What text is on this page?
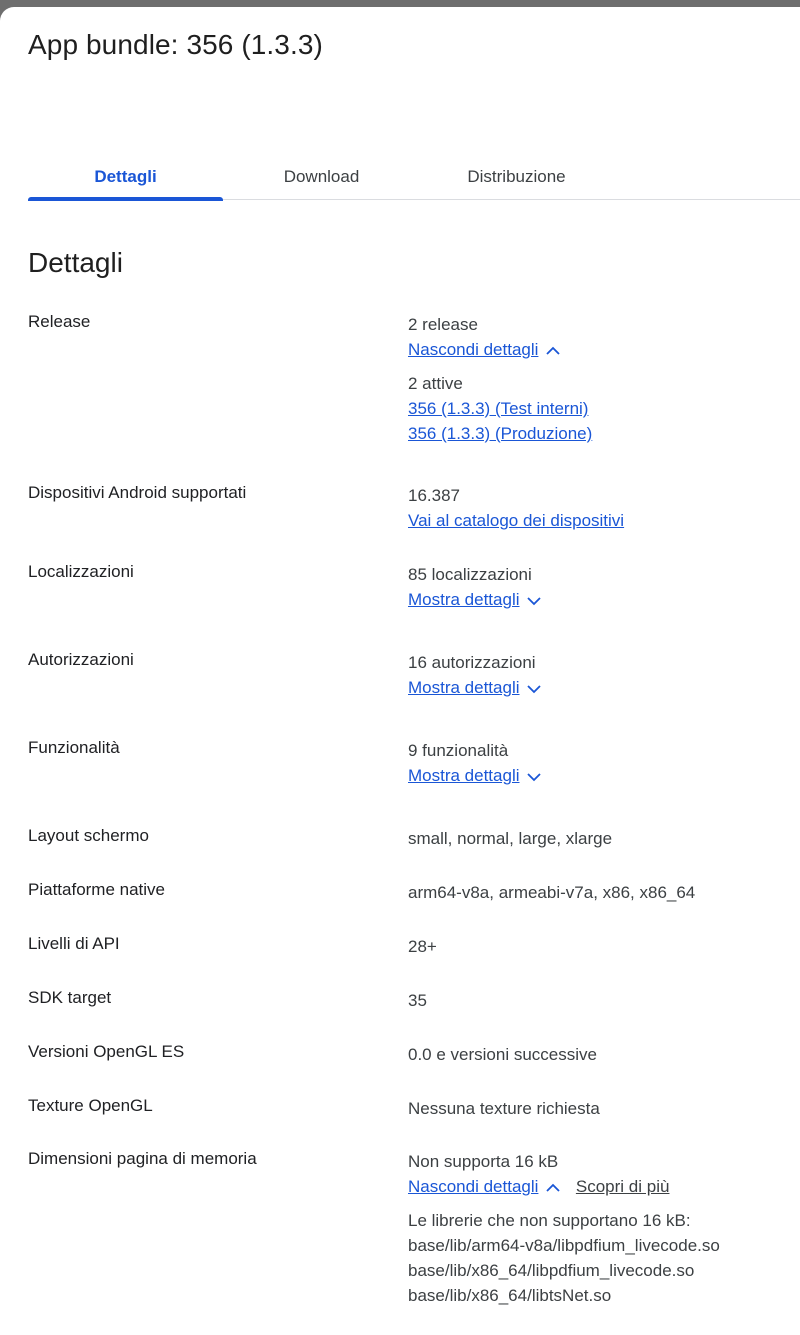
App bundle: 356 (1.3.3)
Dettagli	Download	Distribuzione
Dettagli
Release	2 release
Nascondi dettagli
2 attive
356 (1.3.3) (Test interni)
356 (1.3.3) (Produzione)
Dispositivi Android supportati	16.387
Vai al catalogo dei dispositivi
Localizzazioni	85 localizzazioni
Mostra dettagli
Autorizzazioni	16 autorizzazioni
Mostra dettagli
Funzionalità	9 funzionalità
Mostra dettagli
Layout schermo	small, normal, large, xlarge
Piattaforme native	arm64-v8a, armeabi-v7a, x86, x86_64
Livelli di API	28+
SDK target	35
Versioni OpenGL ES	0.0 e versioni successive
Texture OpenGL	Nessuna texture richiesta
Dimensioni pagina di memoria	Non supporta 16 kB
Nascondi dettagli Scopri di più
Le librerie che non supportano 16 kB:
base/lib/arm64-v8a/libpdfium_livecode.so
base/lib/x86_64/libpdfium_livecode.so
base/lib/x86_64/libtsNet.so
